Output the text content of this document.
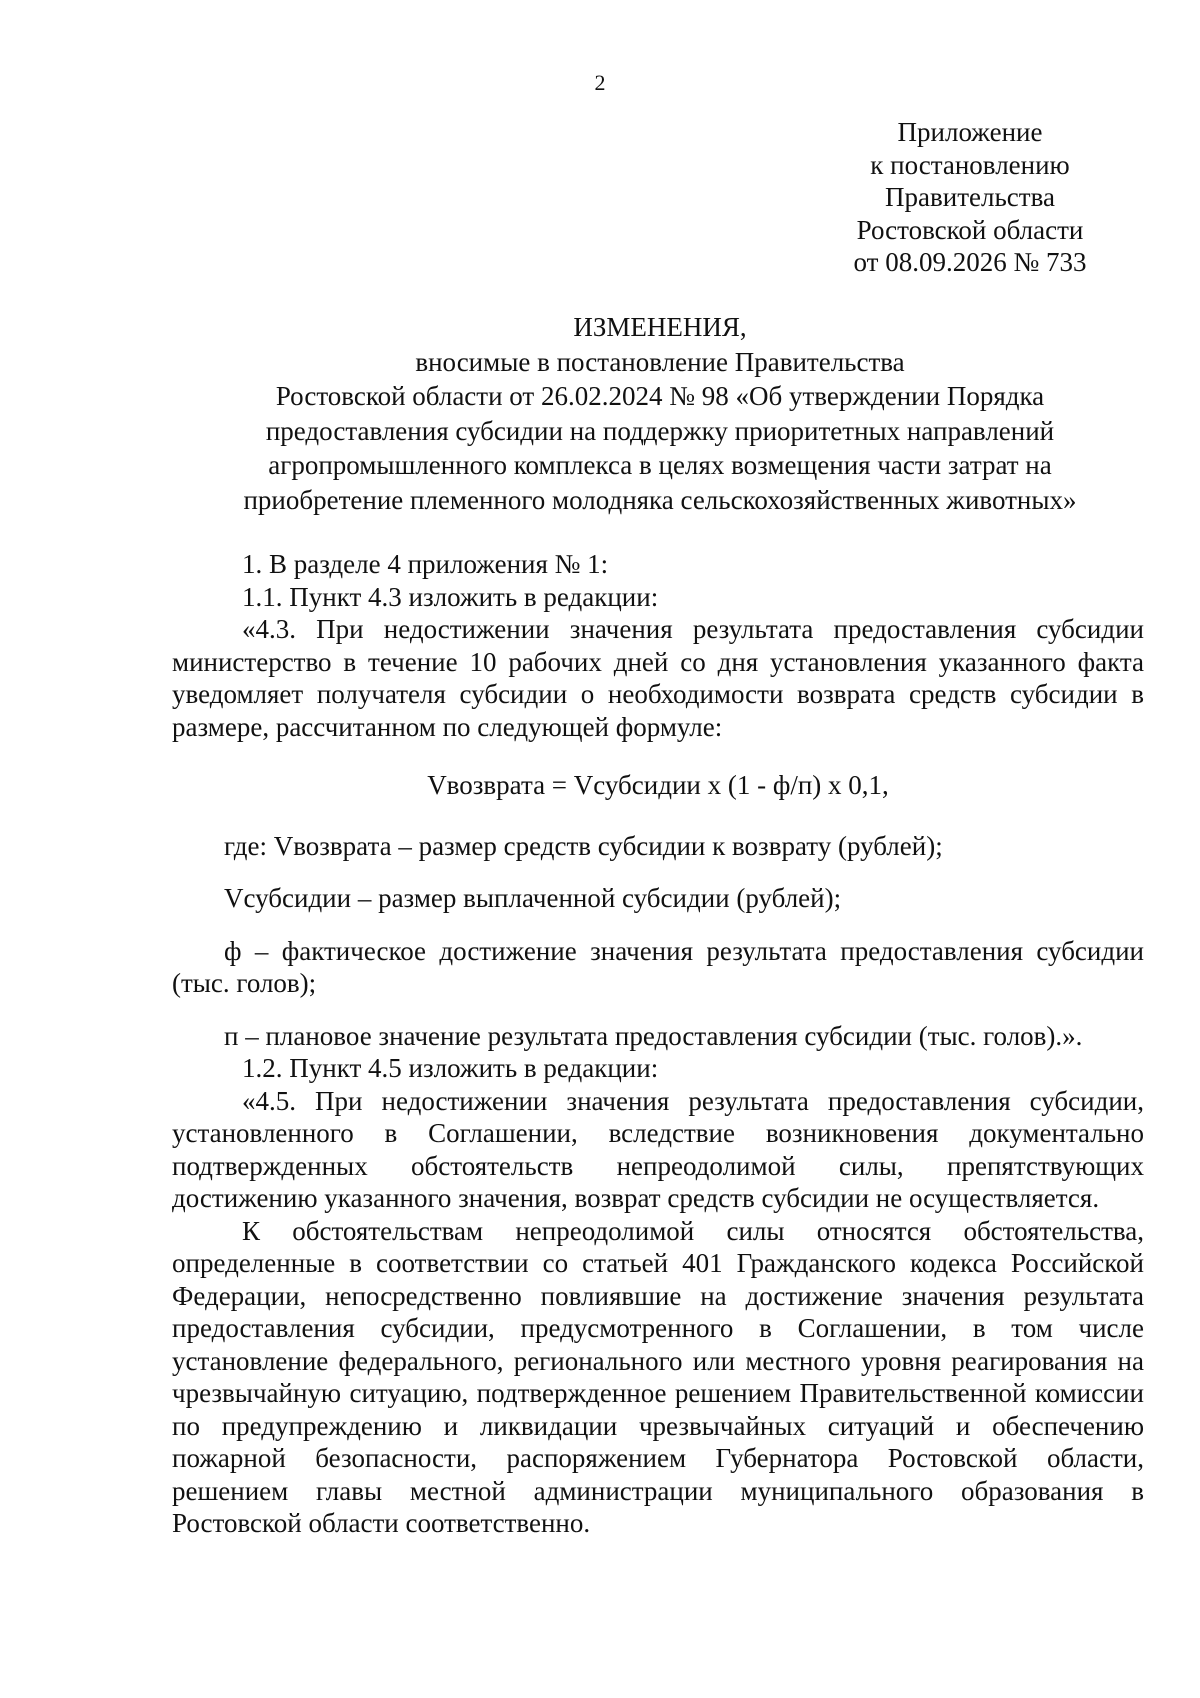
2
Приложение
к постановлению
Правительства
Ростовской области
от 08.09.2026 № 733
ИЗМЕНЕНИЯ,
вносимые в постановление Правительства
Ростовской области от 26.02.2024 № 98 «Об утверждении Порядка
предоставления субсидии на поддержку приоритетных направлений
агропромышленного комплекса в целях возмещения части затрат на
приобретение племенного молодняка сельскохозяйственных животных»

1. В разделе 4 приложения № 1:

1.1. Пункт 4.3 изложить в редакции:

«4.3. При недостижении значения результата предоставления субсидии министерство в течение 10 рабочих дней со дня установления указанного факта уведомляет получателя субсидии о необходимости возврата средств субсидии в размере, рассчитанном по следующей формуле:

Vвозврата = Vсубсидии х (1 - ф/п) х 0,1,

где: Vвозврата – размер средств субсидии к возврату (рублей);

Vсубсидии – размер выплаченной субсидии (рублей);

ф – фактическое достижение значения результата предоставления субсидии (тыс. голов);

п – плановое значение результата предоставления субсидии (тыс. голов).».

1.2. Пункт 4.5 изложить в редакции:

«4.5. При недостижении значения результата предоставления субсидии, установленного в Соглашении, вследствие возникновения документально подтвержденных обстоятельств непреодолимой силы, препятствующих достижению указанного значения, возврат средств субсидии не осуществляется.

К обстоятельствам непреодолимой силы относятся обстоятельства, определенные в соответствии со статьей 401 Гражданского кодекса Российской Федерации, непосредственно повлиявшие на достижение значения результата предоставления субсидии, предусмотренного в Соглашении, в том числе установление федерального, регионального или местного уровня реагирования на чрезвычайную ситуацию, подтвержденное решением Правительственной комиссии по предупреждению и ликвидации чрезвычайных ситуаций и обеспечению пожарной безопасности, распоряжением Губернатора Ростовской области, решением главы местной администрации муниципального образования в Ростовской области соответственно.
